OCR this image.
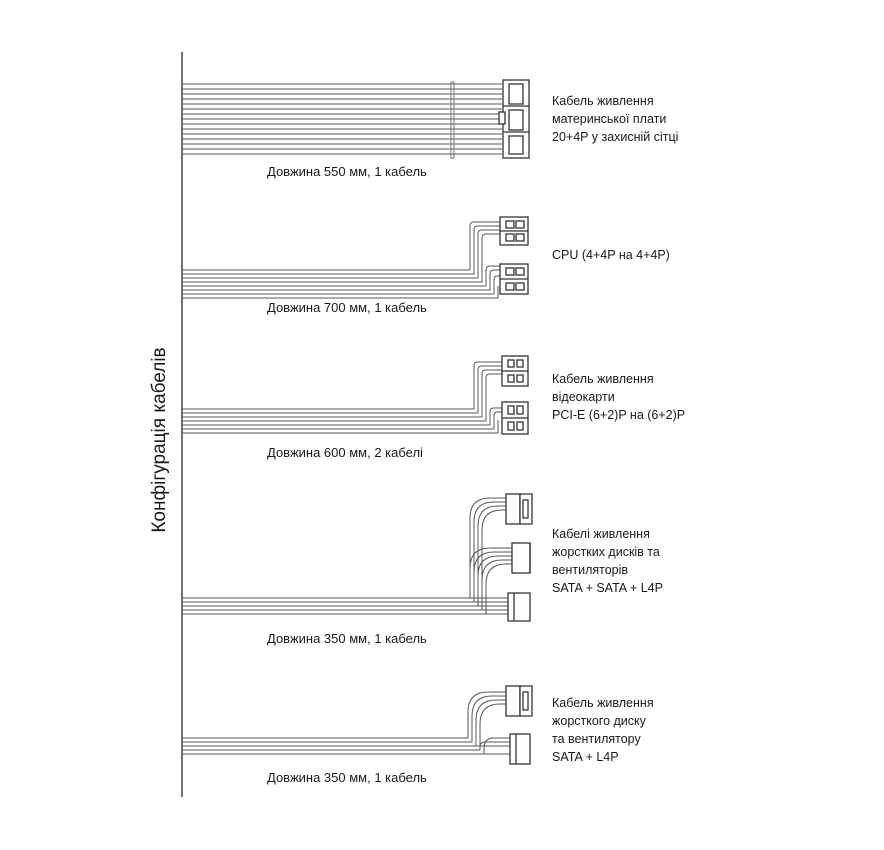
Конфігурація кабелів
Довжина 550 мм, 1 кабель
Довжина 700 мм, 1 кабель
Довжина 600 мм, 2 кабелі
Довжина 350 мм, 1 кабель
Довжина 350 мм, 1 кабель
Кабель живлення
материнської плати
20+4P у захисній сітці
CPU (4+4P на 4+4P)
Кабель живлення
відеокарти
PCI-E (6+2)P на (6+2)P
Кабелі живлення
жорстких дисків та
вентиляторів
SATA + SATA + L4P
Кабель живлення
жорсткого диску
та вентилятору
SATA + L4P
